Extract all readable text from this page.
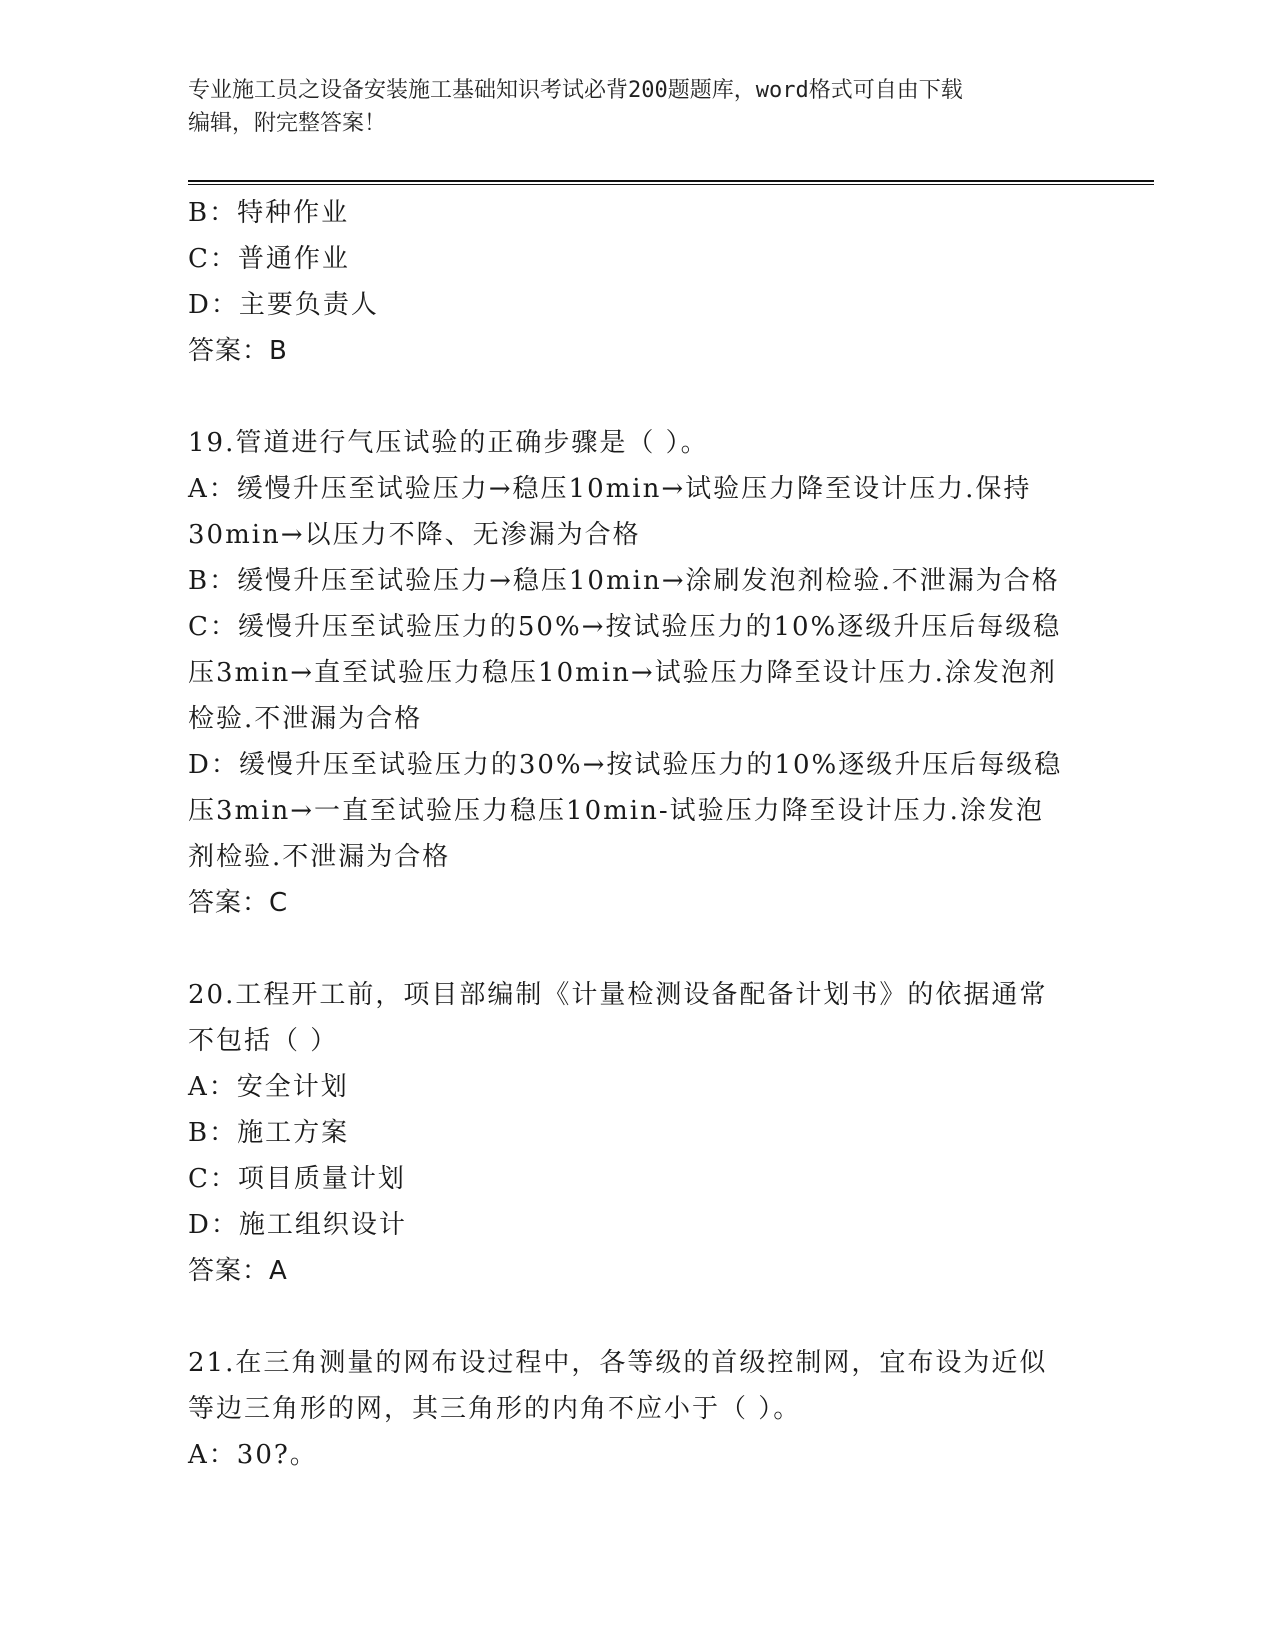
专业施工员之设备安装施工基础知识考试必背200题题库，word格式可自由下载
编辑，附完整答案！
B：特种作业
C：普通作业
D：主要负责人
答案：B
19.管道进行气压试验的正确步骤是（ ）。
A：缓慢升压至试验压力→稳压10min→试验压力降至设计压力.保持
30min→以压力不降、无渗漏为合格
B：缓慢升压至试验压力→稳压10min→涂刷发泡剂检验.不泄漏为合格
C：缓慢升压至试验压力的50%→按试验压力的10%逐级升压后每级稳
压3min→直至试验压力稳压10min→试验压力降至设计压力.涂发泡剂
检验.不泄漏为合格
D：缓慢升压至试验压力的30%→按试验压力的10%逐级升压后每级稳
压3min→一直至试验压力稳压10min-试验压力降至设计压力.涂发泡
剂检验.不泄漏为合格
答案：C
20.工程开工前，项目部编制《计量检测设备配备计划书》的依据通常
不包括（ ）
A：安全计划
B：施工方案
C：项目质量计划
D：施工组织设计
答案：A
21.在三角测量的网布设过程中，各等级的首级控制网，宜布设为近似
等边三角形的网，其三角形的内角不应小于（ ）。
A：30?。
